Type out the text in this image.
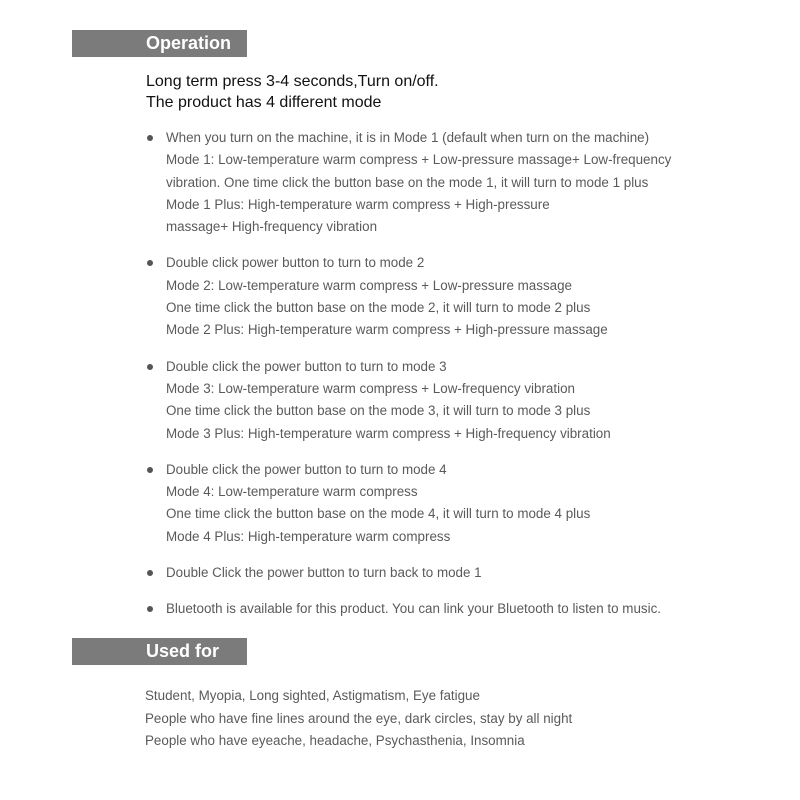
Operation
Long term press 3-4 seconds,Turn on/off.
The product has 4 different mode
When you turn on the machine, it is in Mode 1 (default when turn on the machine)
Mode 1: Low-temperature warm compress + Low-pressure massage+ Low-frequency
vibration. One time click the button base on the mode 1, it will turn to mode 1 plus
Mode 1 Plus: High-temperature warm compress + High-pressure
massage+ High-frequency vibration
Double click power button to turn to mode 2
Mode 2: Low-temperature warm compress + Low-pressure massage
One time click the button base on the mode 2, it will turn to mode 2 plus
Mode 2 Plus: High-temperature warm compress + High-pressure massage
Double click the power button to turn to mode 3
Mode 3: Low-temperature warm compress + Low-frequency vibration
One time click the button base on the mode 3, it will turn to mode 3 plus
Mode 3 Plus: High-temperature warm compress + High-frequency vibration
Double click the power button to turn to mode 4
Mode 4: Low-temperature warm compress
One time click the button base on the mode 4, it will turn to mode 4 plus
Mode 4 Plus: High-temperature warm compress
Double Click the power button to turn back to mode 1
Bluetooth is available for this product. You can link your Bluetooth to listen to music.
Used for
Student, Myopia, Long sighted, Astigmatism, Eye fatigue
People who have fine lines around the eye, dark circles, stay by all night
People who have eyeache, headache, Psychasthenia, Insomnia
